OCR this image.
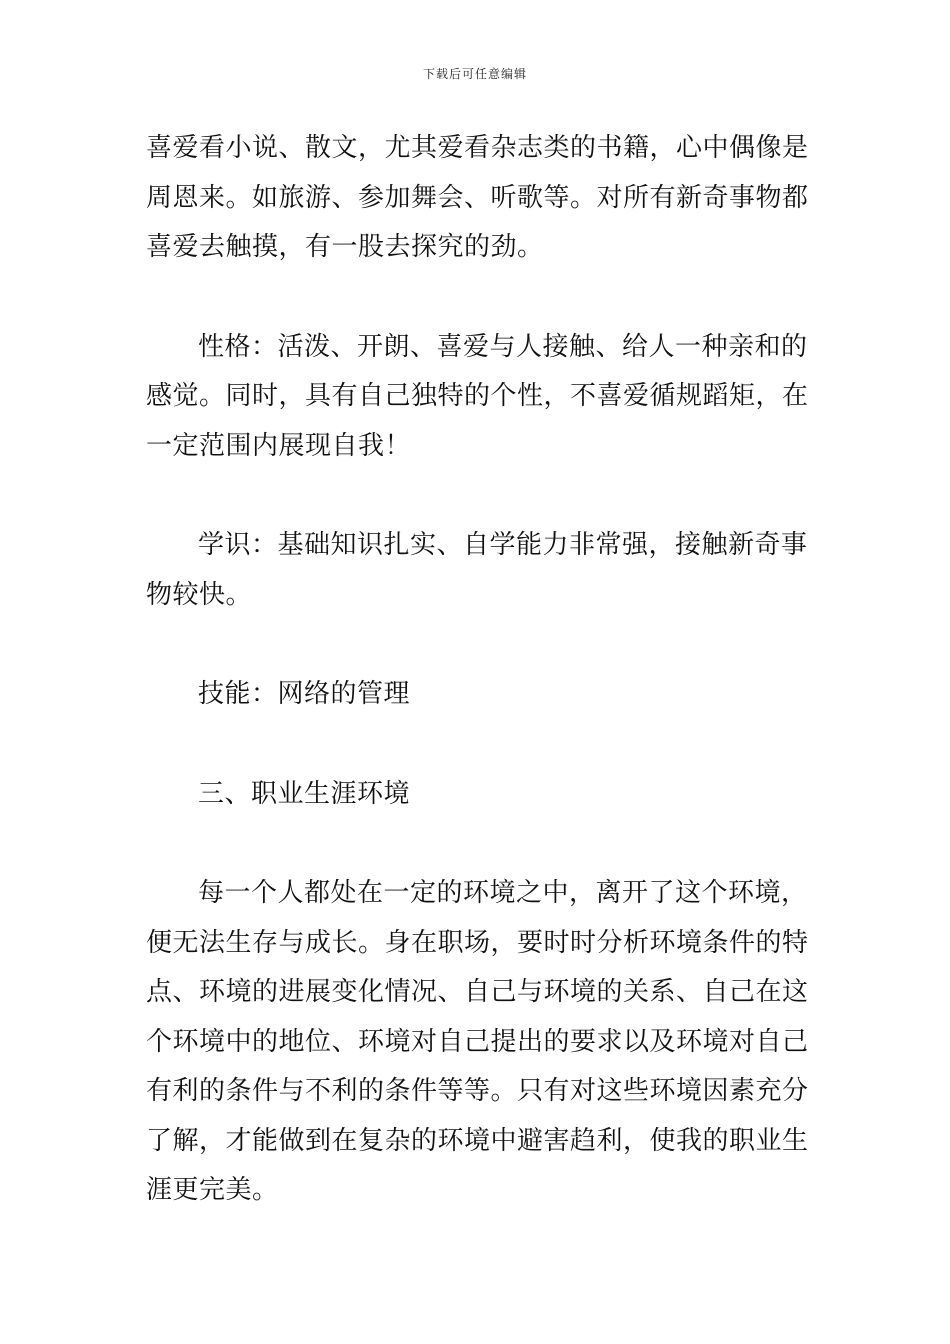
下载后可任意编辑

喜爱看小说、散文，尤其爱看杂志类的书籍，心中偶像是
周恩来。如旅游、参加舞会、听歌等。对所有新奇事物都
喜爱去触摸，有一股去探究的劲。

性格：活泼、开朗、喜爱与人接触、给人一种亲和的
感觉。同时，具有自己独特的个性，不喜爱循规蹈矩，在
一定范围内展现自我！

学识：基础知识扎实、自学能力非常强，接触新奇事
物较快。

技能：网络的管理

三、职业生涯环境

每一个人都处在一定的环境之中，离开了这个环境，
便无法生存与成长。身在职场，要时时分析环境条件的特
点、环境的进展变化情况、自己与环境的关系、自己在这
个环境中的地位、环境对自己提出的要求以及环境对自己
有利的条件与不利的条件等等。只有对这些环境因素充分
了解，才能做到在复杂的环境中避害趋利，使我的职业生
涯更完美。
